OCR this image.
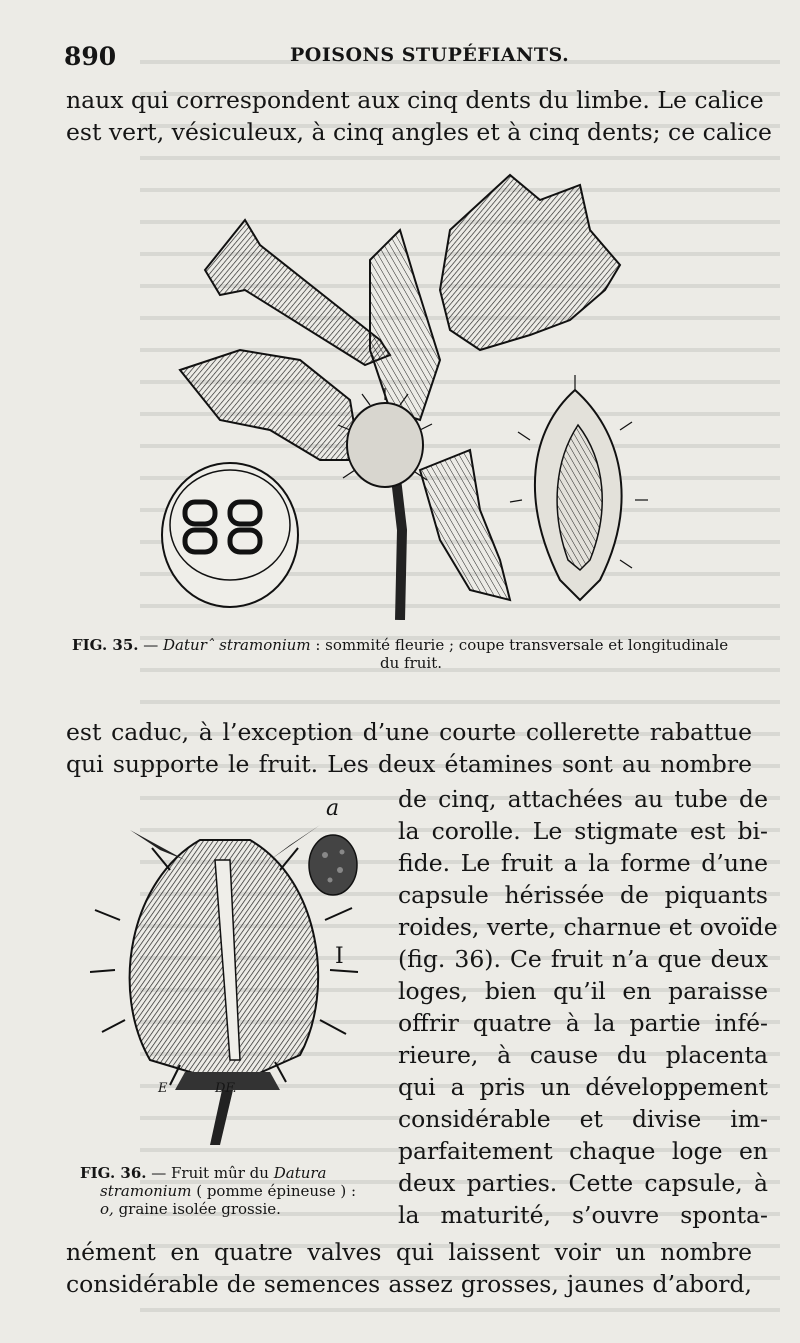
890	POISONS STUPÉFIANTS.
naux qui correspondent aux cinq dents du limbe. Le calice
est vert, vésiculeux, à cinq angles et à cinq dents; ce calice
FIG. 35. — Daturˆ stramonium : sommité fleurie ; coupe transversale et longitudinale
du fruit.
est caduc, à l’exception d’une courte collerette rabattue
qui supporte le fruit. Les deux étamines sont au nombre
de cinq, attachées au tube de
la corolle. Le stigmate est bi-
fide. Le fruit a la forme d’une
capsule hérissée de piquants
roides, verte, charnue et ovoïde
(fig. 36). Ce fruit n’a que deux
loges, bien qu’il en paraisse
offrir quatre à la partie infé-
rieure, à cause du placenta
qui a pris un développement
considérable et divise im-
parfaitement chaque loge en
deux parties. Cette capsule, à
la maturité, s’ouvre sponta-
a
E	DF.
I
FIG. 36. — Fruit mûr du Datura
stramonium ( pomme épineuse ) :
o, graine isolée grossie.
nément en quatre valves qui laissent voir un nombre
considérable de semences assez grosses, jaunes d’abord,
